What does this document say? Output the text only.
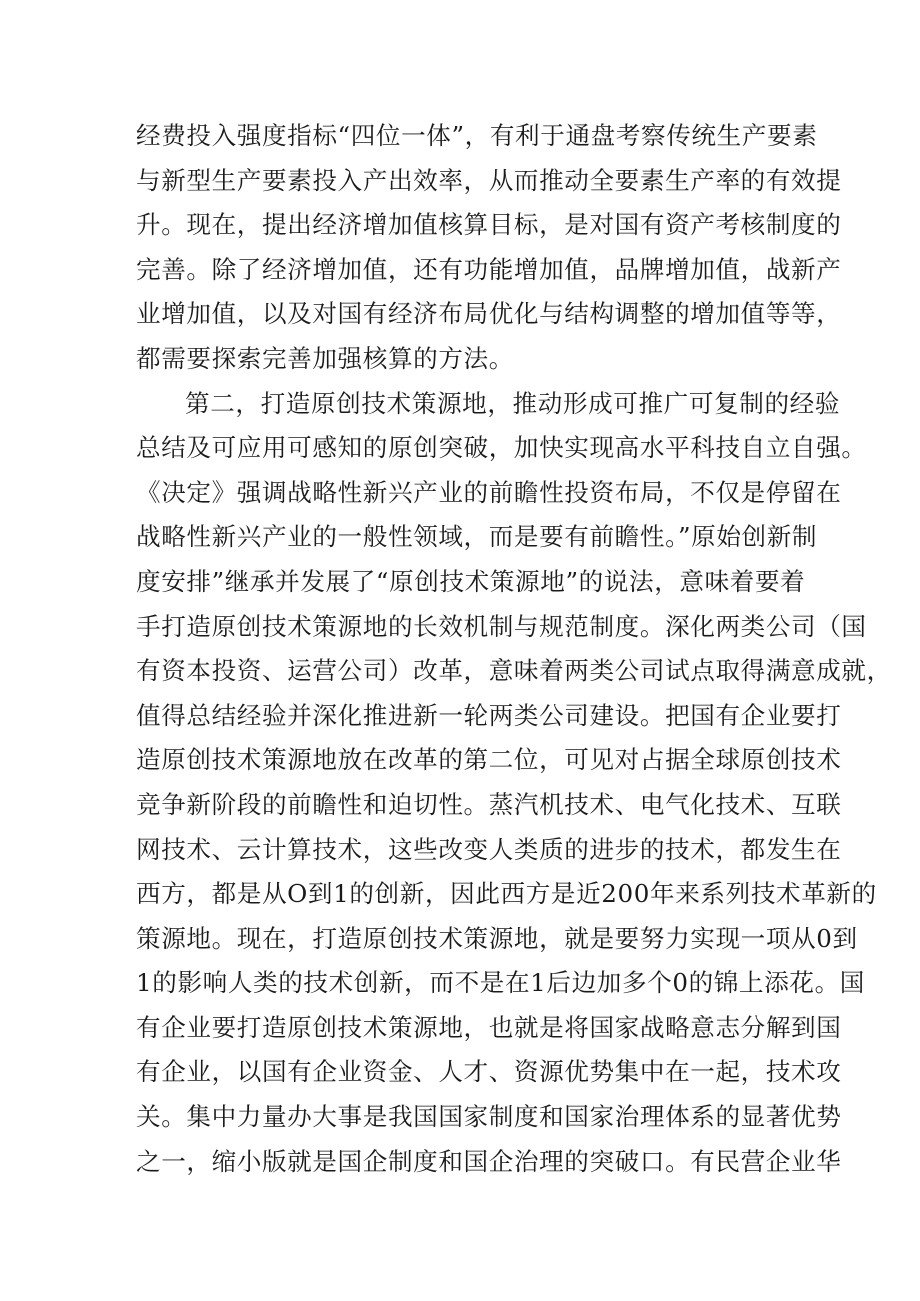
经费投入强度指标“四位一体”，有利于通盘考察传统生产要素
与新型生产要素投入产出效率，从而推动全要素生产率的有效提
升。现在，提出经济增加值核算目标，是对国有资产考核制度的
完善。除了经济增加值，还有功能增加值，品牌增加值，战新产
业增加值，以及对国有经济布局优化与结构调整的增加值等等，
都需要探索完善加强核算的方法。
第二，打造原创技术策源地，推动形成可推广可复制的经验
总结及可应用可感知的原创突破，加快实现高水平科技自立自强。
《决定》强调战略性新兴产业的前瞻性投资布局，不仅是停留在
战略性新兴产业的一般性领域，而是要有前瞻性。”原始创新制
度安排”继承并发展了“原创技术策源地”的说法，意味着要着
手打造原创技术策源地的长效机制与规范制度。深化两类公司（国
有资本投资、运营公司）改革，意味着两类公司试点取得满意成就，
值得总结经验并深化推进新一轮两类公司建设。把国有企业要打
造原创技术策源地放在改革的第二位，可见对占据全球原创技术
竞争新阶段的前瞻性和迫切性。蒸汽机技术、电气化技术、互联
网技术、云计算技术，这些改变人类质的进步的技术，都发生在
西方，都是从O到1的创新，因此西方是近200年来系列技术革新的
策源地。现在，打造原创技术策源地，就是要努力实现一项从0到
1的影响人类的技术创新，而不是在1后边加多个0的锦上添花。国
有企业要打造原创技术策源地，也就是将国家战略意志分解到国
有企业，以国有企业资金、人才、资源优势集中在一起，技术攻
关。集中力量办大事是我国国家制度和国家治理体系的显著优势
之一，缩小版就是国企制度和国企治理的突破口。有民营企业华
